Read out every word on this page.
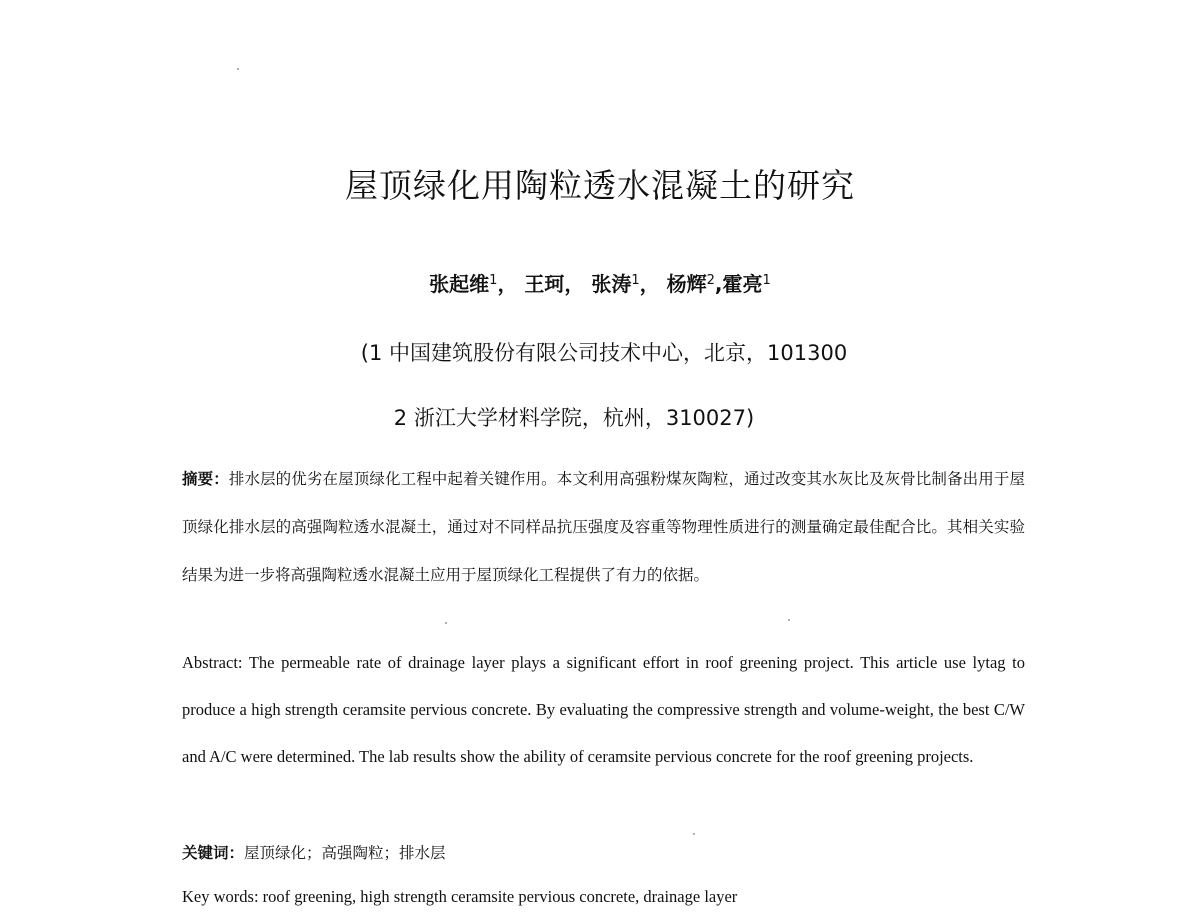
屋顶绿化用陶粒透水混凝土的研究
张起维$^1$， 王珂， 张涛$^1$， 杨辉$^2$,霍亮$^1$
(1 中国建筑股份有限公司技术中心，北京，101300
2 浙江大学材料学院，杭州，310027)
摘要：排水层的优劣在屋顶绿化工程中起着关键作用。本文利用高强粉煤灰陶粒，通过改变其水灰比及灰骨比制备出用于屋顶绿化排水层的高强陶粒透水混凝土，通过对不同样品抗压强度及容重等物理性质进行的测量确定最佳配合比。其相关实验结果为进一步将高强陶粒透水混凝土应用于屋顶绿化工程提供了有力的依据。
Abstract: The permeable rate of drainage layer plays a significant effort in roof greening project. This article use lytag to produce a high strength ceramsite pervious concrete. By evaluating the compressive strength and volume-weight, the best C/W and A/C were determined. The lab results show the ability of ceramsite pervious concrete for the roof greening projects.
关键词：屋顶绿化；高强陶粒；排水层
Key words: roof greening, high strength ceramsite pervious concrete, drainage layer
